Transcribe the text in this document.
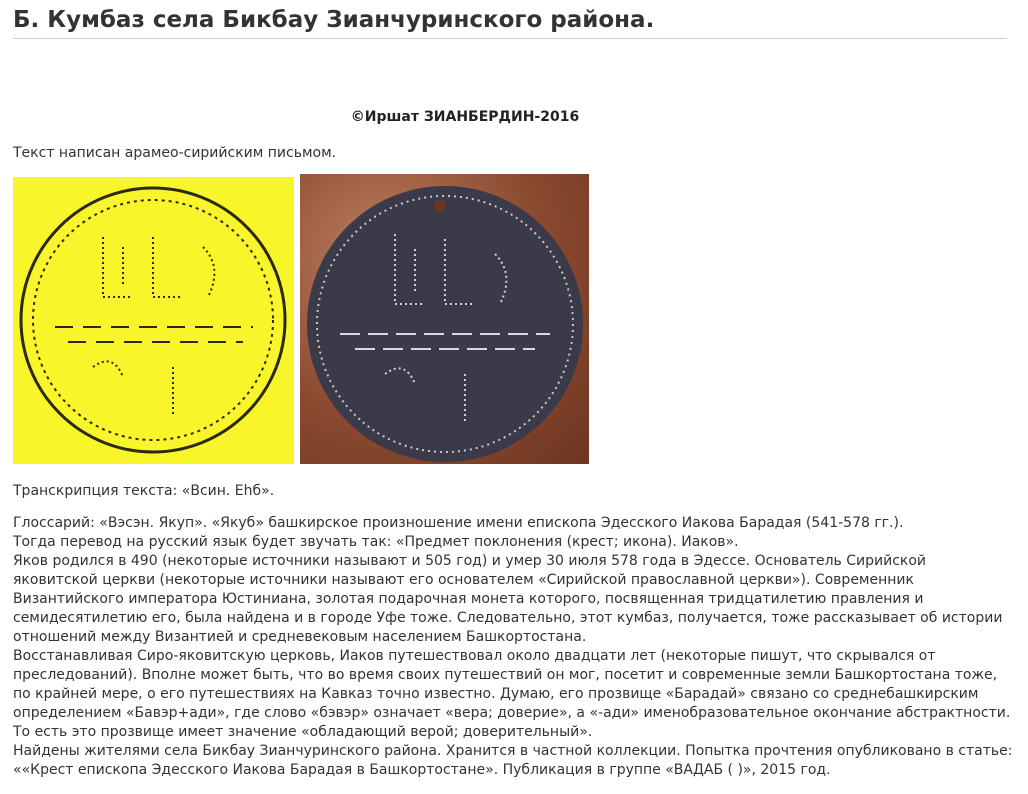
Б. Кумбаз села Бикбау Зианчуринского района.
©Иршат ЗИАНБЕРДИН-2016
Текст написан арамео-сирийским письмом.
Транскрипция текста: «Всин. Еhб».

Глоссарий: «Вэсэн. Якуп». «Якуб» башкирское произношение имени епископа Эдесского Иакова Барадая (541-578 гг.).

Тогда перевод на русский язык будет звучать так: «Предмет поклонения (крест; икона). Иаков».

Яков родился в 490 (некоторые источники называют и 505 год) и умер 30 июля 578 года в Эдессе. Основатель Сирийской яковитской церкви (некоторые источники называют его основателем «Сирийской православной церкви»). Современник Византийского императора Юстиниана, золотая подарочная монета которого, посвященная тридцатилетию правления и семидесятилетию его, была найдена и в городе Уфе тоже. Следовательно, этот кумбаз, получается, тоже рассказывает об истории отношений между Византией и средневековым населением Башкортостана.

Восстанавливая Сиро-яковитскую церковь, Иаков путешествовал около двадцати лет (некоторые пишут, что скрывался от преследований). Вполне может быть, что во время своих путешествий он мог, посетит и современные земли Башкортостана тоже, по крайней мере, о его путешествиях на Кавказ точно известно. Думаю, его прозвище «Барадай» связано со среднебашкирским определением «Бавэр+ади», где слово «бэвэр» означает «вера; доверие», а «-ади» именобразовательное окончание абстрактности. То есть это прозвище имеет значение «обладающий верой; доверительный».

Найдены жителями села Бикбау Зианчуринского района. Хранится в частной коллекции. Попытка прочтения опубликовано в статье: ««Крест епископа Эдесского Иакова Барадая в Башкортостане». Публикация в группе «ВАДАБ ( )», 2015 год.
